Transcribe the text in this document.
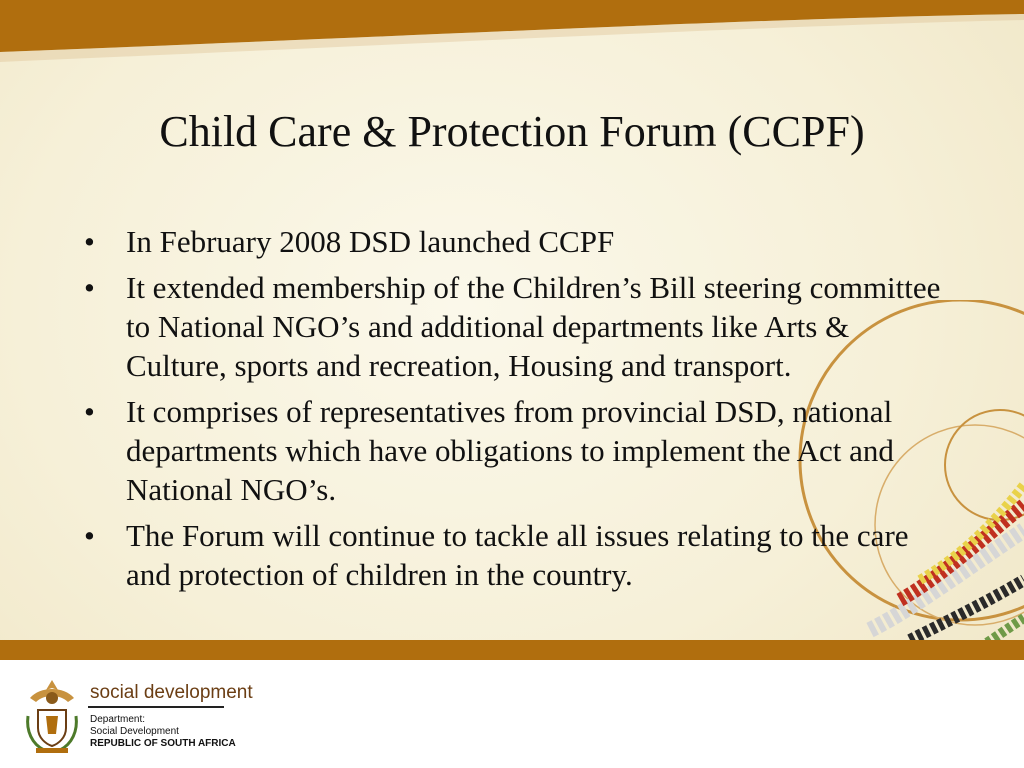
Child Care & Protection Forum (CCPF)
• In February 2008 DSD launched CCPF
• It extended membership of the Children’s Bill steering committee to National NGO’s and additional departments like Arts & Culture, sports and recreation, Housing and transport.
• It comprises of representatives from provincial DSD, national departments which have obligations to implement the Act and National NGO’s.
• The Forum will continue to tackle all issues relating to the care and protection of children in the country.
social development
Department:
Social Development
REPUBLIC OF SOUTH AFRICA
